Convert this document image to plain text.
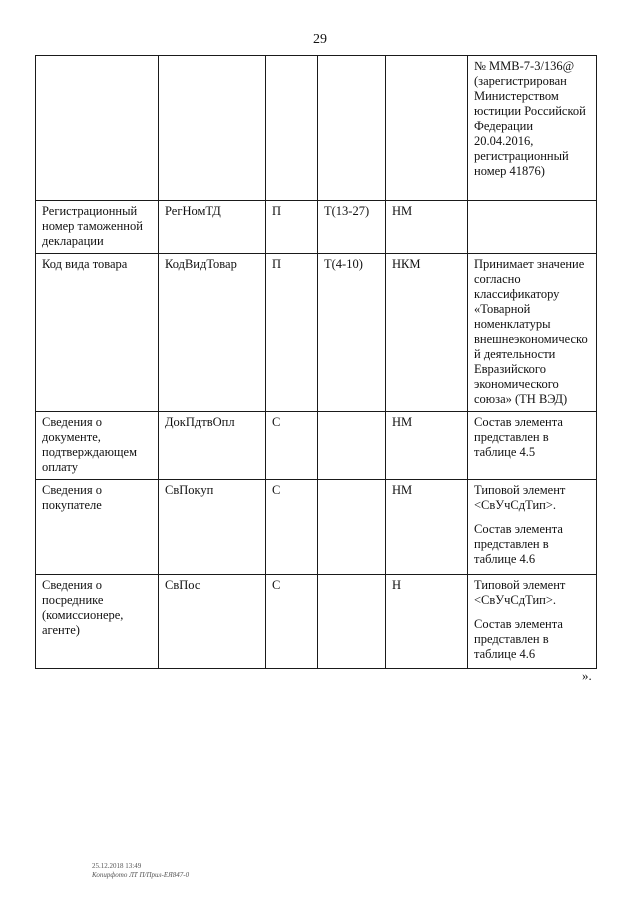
29

					№ ММВ-7-3/136@ (зарегистрирован Министерством юстиции Российской Федерации 20.04.2016, регистрационный номер 41876)

Регистрационный номер таможенной декларации	РегНомТД	П	T(13-27)	НМ	

Код вида товара	КодВидТовар	П	T(4-10)	НКМ	Принимает значение согласно классификатору «Товарной номенклатуры внешнеэкономической деятельности Евразийского экономического союза» (ТН ВЭД)

Сведения о документе, подтверждающем оплату	ДокПдтвОпл	С		НМ	Состав элемента представлен в таблице 4.5

Сведения о покупателе	СвПокуп	С		НМ	Типовой элемент <СвУчСдТип>.

Состав элемента представлен в таблице 4.6

Сведения о посреднике (комиссионере, агенте)	СвПос	С		Н	Типовой элемент <СвУчСдТип>.

Состав элемента представлен в таблице 4.6

».
25.12.2018 13:49
Копирфото ЛТ П/Прил-ЕЯ847-0
